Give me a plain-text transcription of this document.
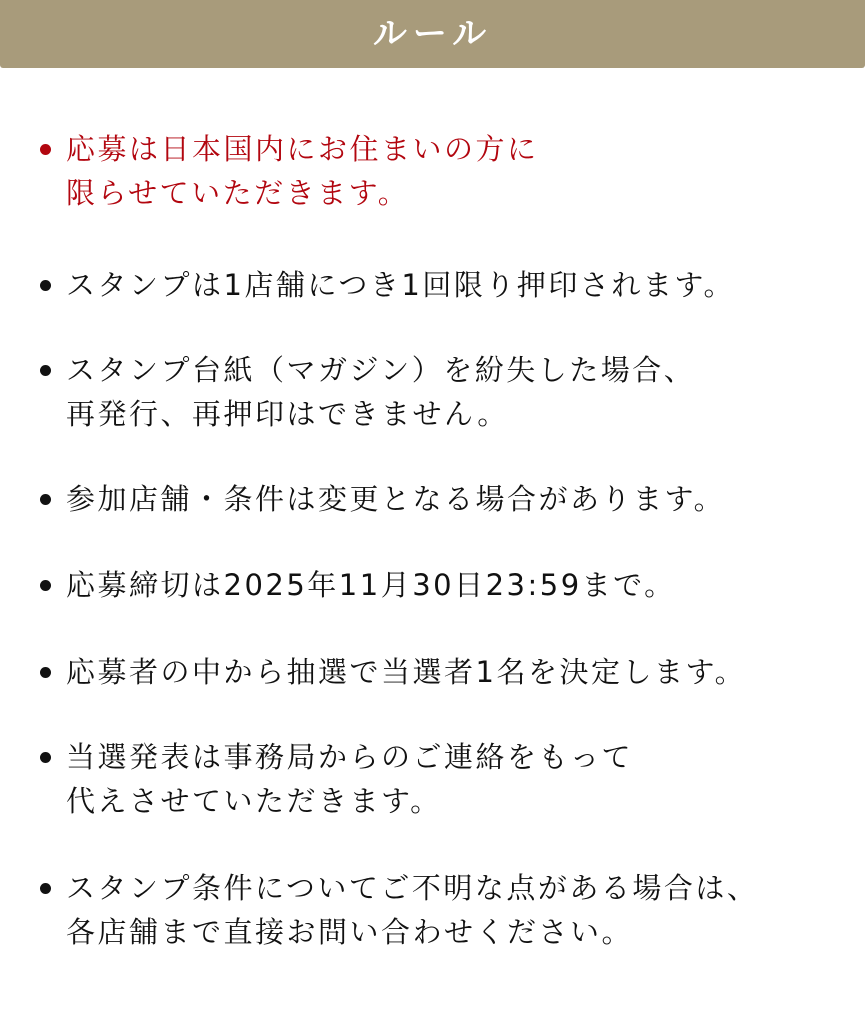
ルール
応募は日本国内にお住まいの方に
限らせていただきます。
スタンプは1店舗につき1回限り押印されます。
スタンプ台紙（マガジン）を紛失した場合、
再発行、再押印はできません。
参加店舗・条件は変更となる場合があります。
応募締切は2025年11月30日23:59まで。
応募者の中から抽選で当選者1名を決定します。
当選発表は事務局からのご連絡をもって
代えさせていただきます。
スタンプ条件についてご不明な点がある場合は、
各店舗まで直接お問い合わせください。
